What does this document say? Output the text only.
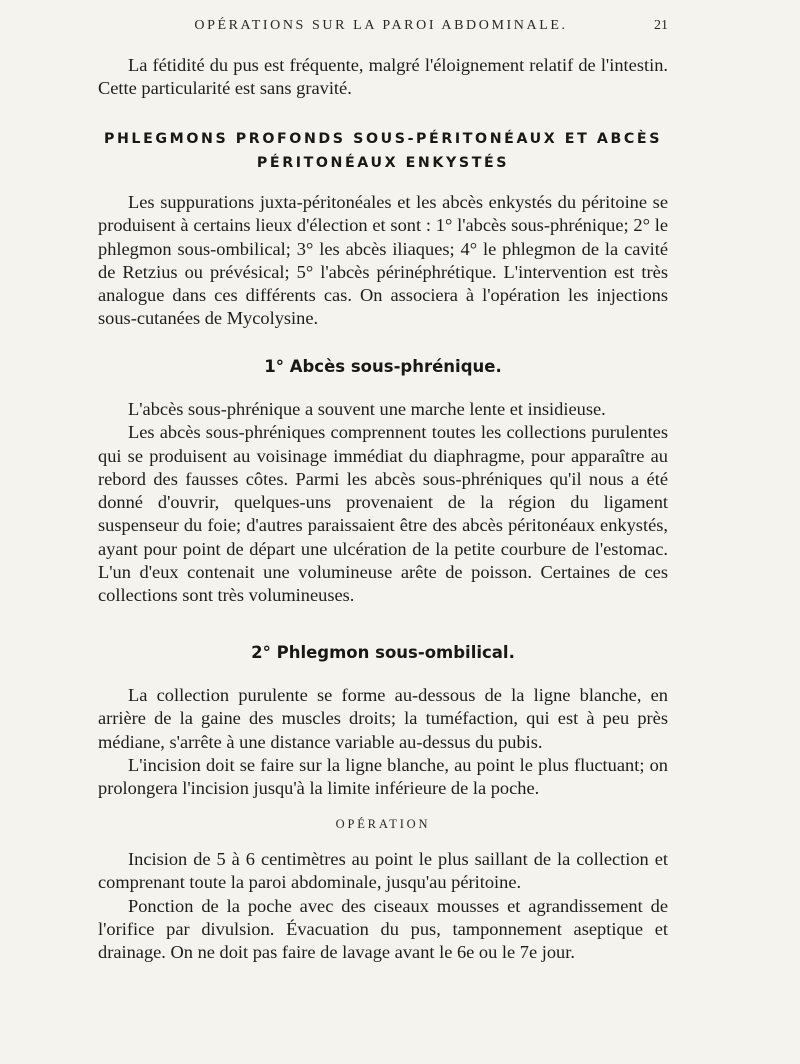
OPÉRATIONS SUR LA PAROI ABDOMINALE.	21

La fétidité du pus est fréquente, malgré l'éloignement relatif de l'intestin. Cette particularité est sans gravité.

PHLEGMONS PROFONDS SOUS-PÉRITONÉAUX ET ABCÈS
PÉRITONÉAUX ENKYSTÉS

Les suppurations juxta-péritonéales et les abcès enkystés du péritoine se produisent à certains lieux d'élection et sont : 1° l'abcès sous-phrénique; 2° le phlegmon sous-ombilical; 3° les abcès iliaques; 4° le phlegmon de la cavité de Retzius ou prévésical; 5° l'abcès périnéphrétique. L'intervention est très analogue dans ces différents cas. On associera à l'opération les injections sous-cutanées de Mycolysine.

1° Abcès sous-phrénique.

L'abcès sous-phrénique a souvent une marche lente et insidieuse.

Les abcès sous-phréniques comprennent toutes les collections purulentes qui se produisent au voisinage immédiat du diaphragme, pour apparaître au rebord des fausses côtes. Parmi les abcès sous-phréniques qu'il nous a été donné d'ouvrir, quelques-uns provenaient de la région du ligament suspenseur du foie; d'autres paraissaient être des abcès péritonéaux enkystés, ayant pour point de départ une ulcération de la petite courbure de l'estomac. L'un d'eux contenait une volumineuse arête de poisson. Certaines de ces collections sont très volumineuses.

2° Phlegmon sous-ombilical.

La collection purulente se forme au-dessous de la ligne blanche, en arrière de la gaine des muscles droits; la tuméfaction, qui est à peu près médiane, s'arrête à une distance variable au-dessus du pubis.

L'incision doit se faire sur la ligne blanche, au point le plus fluctuant; on prolongera l'incision jusqu'à la limite inférieure de la poche.

OPÉRATION

Incision de 5 à 6 centimètres au point le plus saillant de la collection et comprenant toute la paroi abdominale, jusqu'au péritoine.

Ponction de la poche avec des ciseaux mousses et agrandissement de l'orifice par divulsion. Évacuation du pus, tamponnement aseptique et drainage. On ne doit pas faire de lavage avant le 6e ou le 7e jour.
